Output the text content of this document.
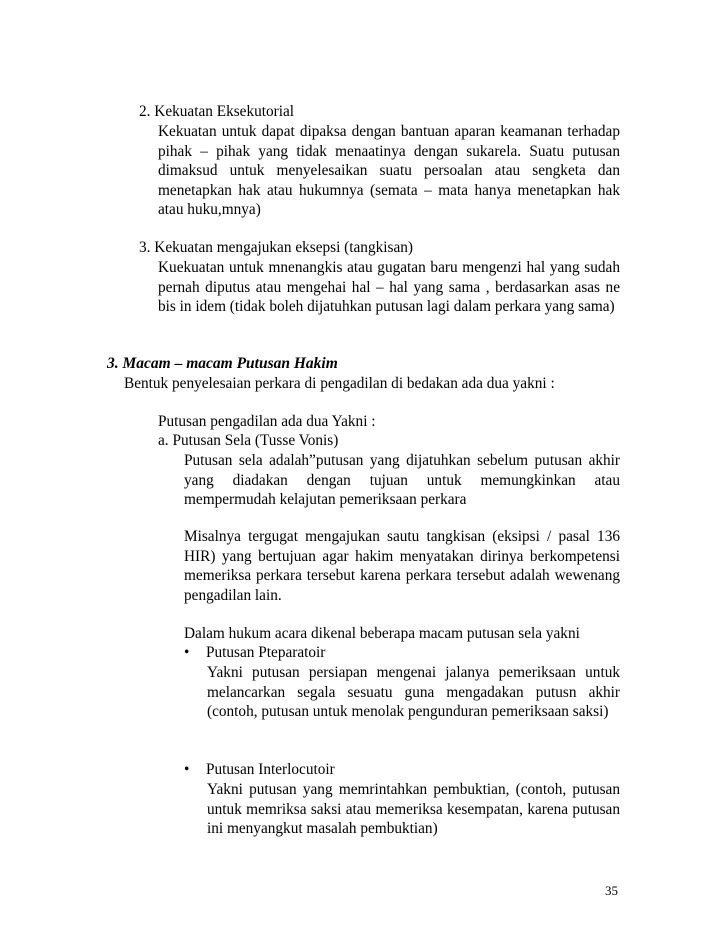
2. Kekuatan Eksekutorial
Kekuatan untuk dapat dipaksa dengan bantuan aparan keamanan terhadap pihak – pihak yang tidak menaatinya dengan sukarela. Suatu putusan dimaksud untuk menyelesaikan suatu persoalan atau sengketa dan menetapkan hak atau hukumnya (semata – mata hanya menetapkan hak atau huku,mnya)
3. Kekuatan mengajukan eksepsi (tangkisan)
Kuekuatan untuk mnenangkis atau gugatan baru mengenzi hal yang sudah pernah diputus atau mengehai hal – hal yang sama , berdasarkan asas ne bis in idem (tidak boleh dijatuhkan putusan lagi dalam perkara yang sama)
3. Macam – macam Putusan Hakim
Bentuk penyelesaian perkara di pengadilan di bedakan ada dua yakni :
Putusan pengadilan ada dua Yakni :
a. Putusan Sela (Tusse Vonis)
Putusan sela adalah”putusan yang dijatuhkan sebelum putusan akhir yang diadakan dengan tujuan untuk memungkinkan atau mempermudah kelajutan pemeriksaan perkara
Misalnya tergugat mengajukan sautu tangkisan (eksipsi / pasal 136 HIR) yang bertujuan agar hakim menyatakan dirinya berkompetensi memeriksa perkara tersebut karena perkara tersebut adalah wewenang pengadilan lain.
Dalam hukum acara dikenal beberapa macam putusan sela yakni
• Putusan Pteparatoir
Yakni putusan persiapan mengenai jalanya pemeriksaan untuk melancarkan segala sesuatu guna mengadakan putusn akhir (contoh, putusan untuk menolak pengunduran pemeriksaan saksi)
• Putusan Interlocutoir
Yakni putusan yang memrintahkan pembuktian, (contoh, putusan untuk memriksa saksi atau memeriksa kesempatan, karena putusan ini menyangkut masalah pembuktian)
35
